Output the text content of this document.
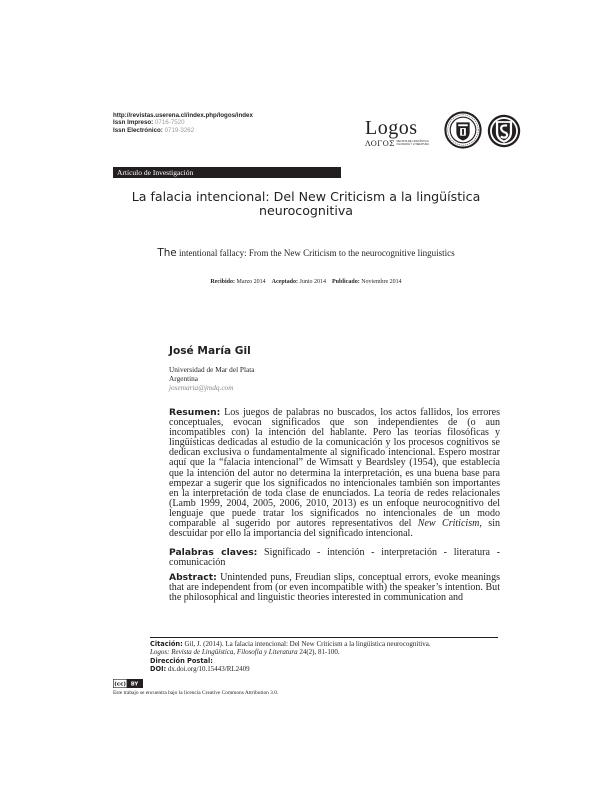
http://revistas.userena.cl/index.php/logos/index
Issn Impreso: 0716-7520
Issn Electrónico: 0719-3262	Logos
ΛΟΓΟΣ REVISTA DE LINGÜÍSTICA
FILOSOFÍA Y LITERATURA
Artículo de Investigación
La falacia intencional: Del New Criticism a la lingüística neurocognitiva
The intentional fallacy: From the New Criticism to the neurocognitive linguistics
Recibido: Marzo 2014 Aceptado: Junio 2014 Publicado: Noviembre 2014
José María Gil
Universidad de Mar del Plata
Argentina
josemaria@jmdq.com
Resumen: Los juegos de palabras no buscados, los actos fallidos, los errores conceptuales, evocan significados que son independientes de (o aun incompatibles con) la intención del hablante. Pero las teorías filosóficas y lingüísticas dedicadas al estudio de la comunicación y los procesos cognitivos se dedican exclusiva o fundamentalmente al significado intencional. Espero mostrar aquí que la “falacia intencional” de Wimsatt y Beardsley (1954), que establecía que la intención del autor no determina la interpretación, es una buena base para empezar a sugerir que los significados no intencionales también son importantes en la interpretación de toda clase de enunciados. La teoría de redes relacionales (Lamb 1999, 2004, 2005, 2006, 2010, 2013) es un enfoque neurocognitivo del lenguaje que puede tratar los significados no intencionales de un modo comparable al sugerido por autores representativos del New Criticism, sin descuidar por ello la importancia del significado intencional.
Palabras claves: Significado - intención - interpretación - literatura - comunicación
Abstract: Unintended puns, Freudian slips, conceptual errors, evoke meanings that are independent from (or even incompatible with) the speaker’s intention. But the philosophical and linguistic theories interested in communication and
Citación: Gil, J. (2014). La falacia intencional: Del New Criticism a la lingüística neurocognitiva.
Logos: Revista de Lingüística, Filosofía y Literatura 24(2), 81-100.
Dirección Postal:
DOI: dx.doi.org/10.15443/RL2409
(cc) BY
Este trabajo se encuentra bajo la licencia Creative Commons Attribution 3.0.
